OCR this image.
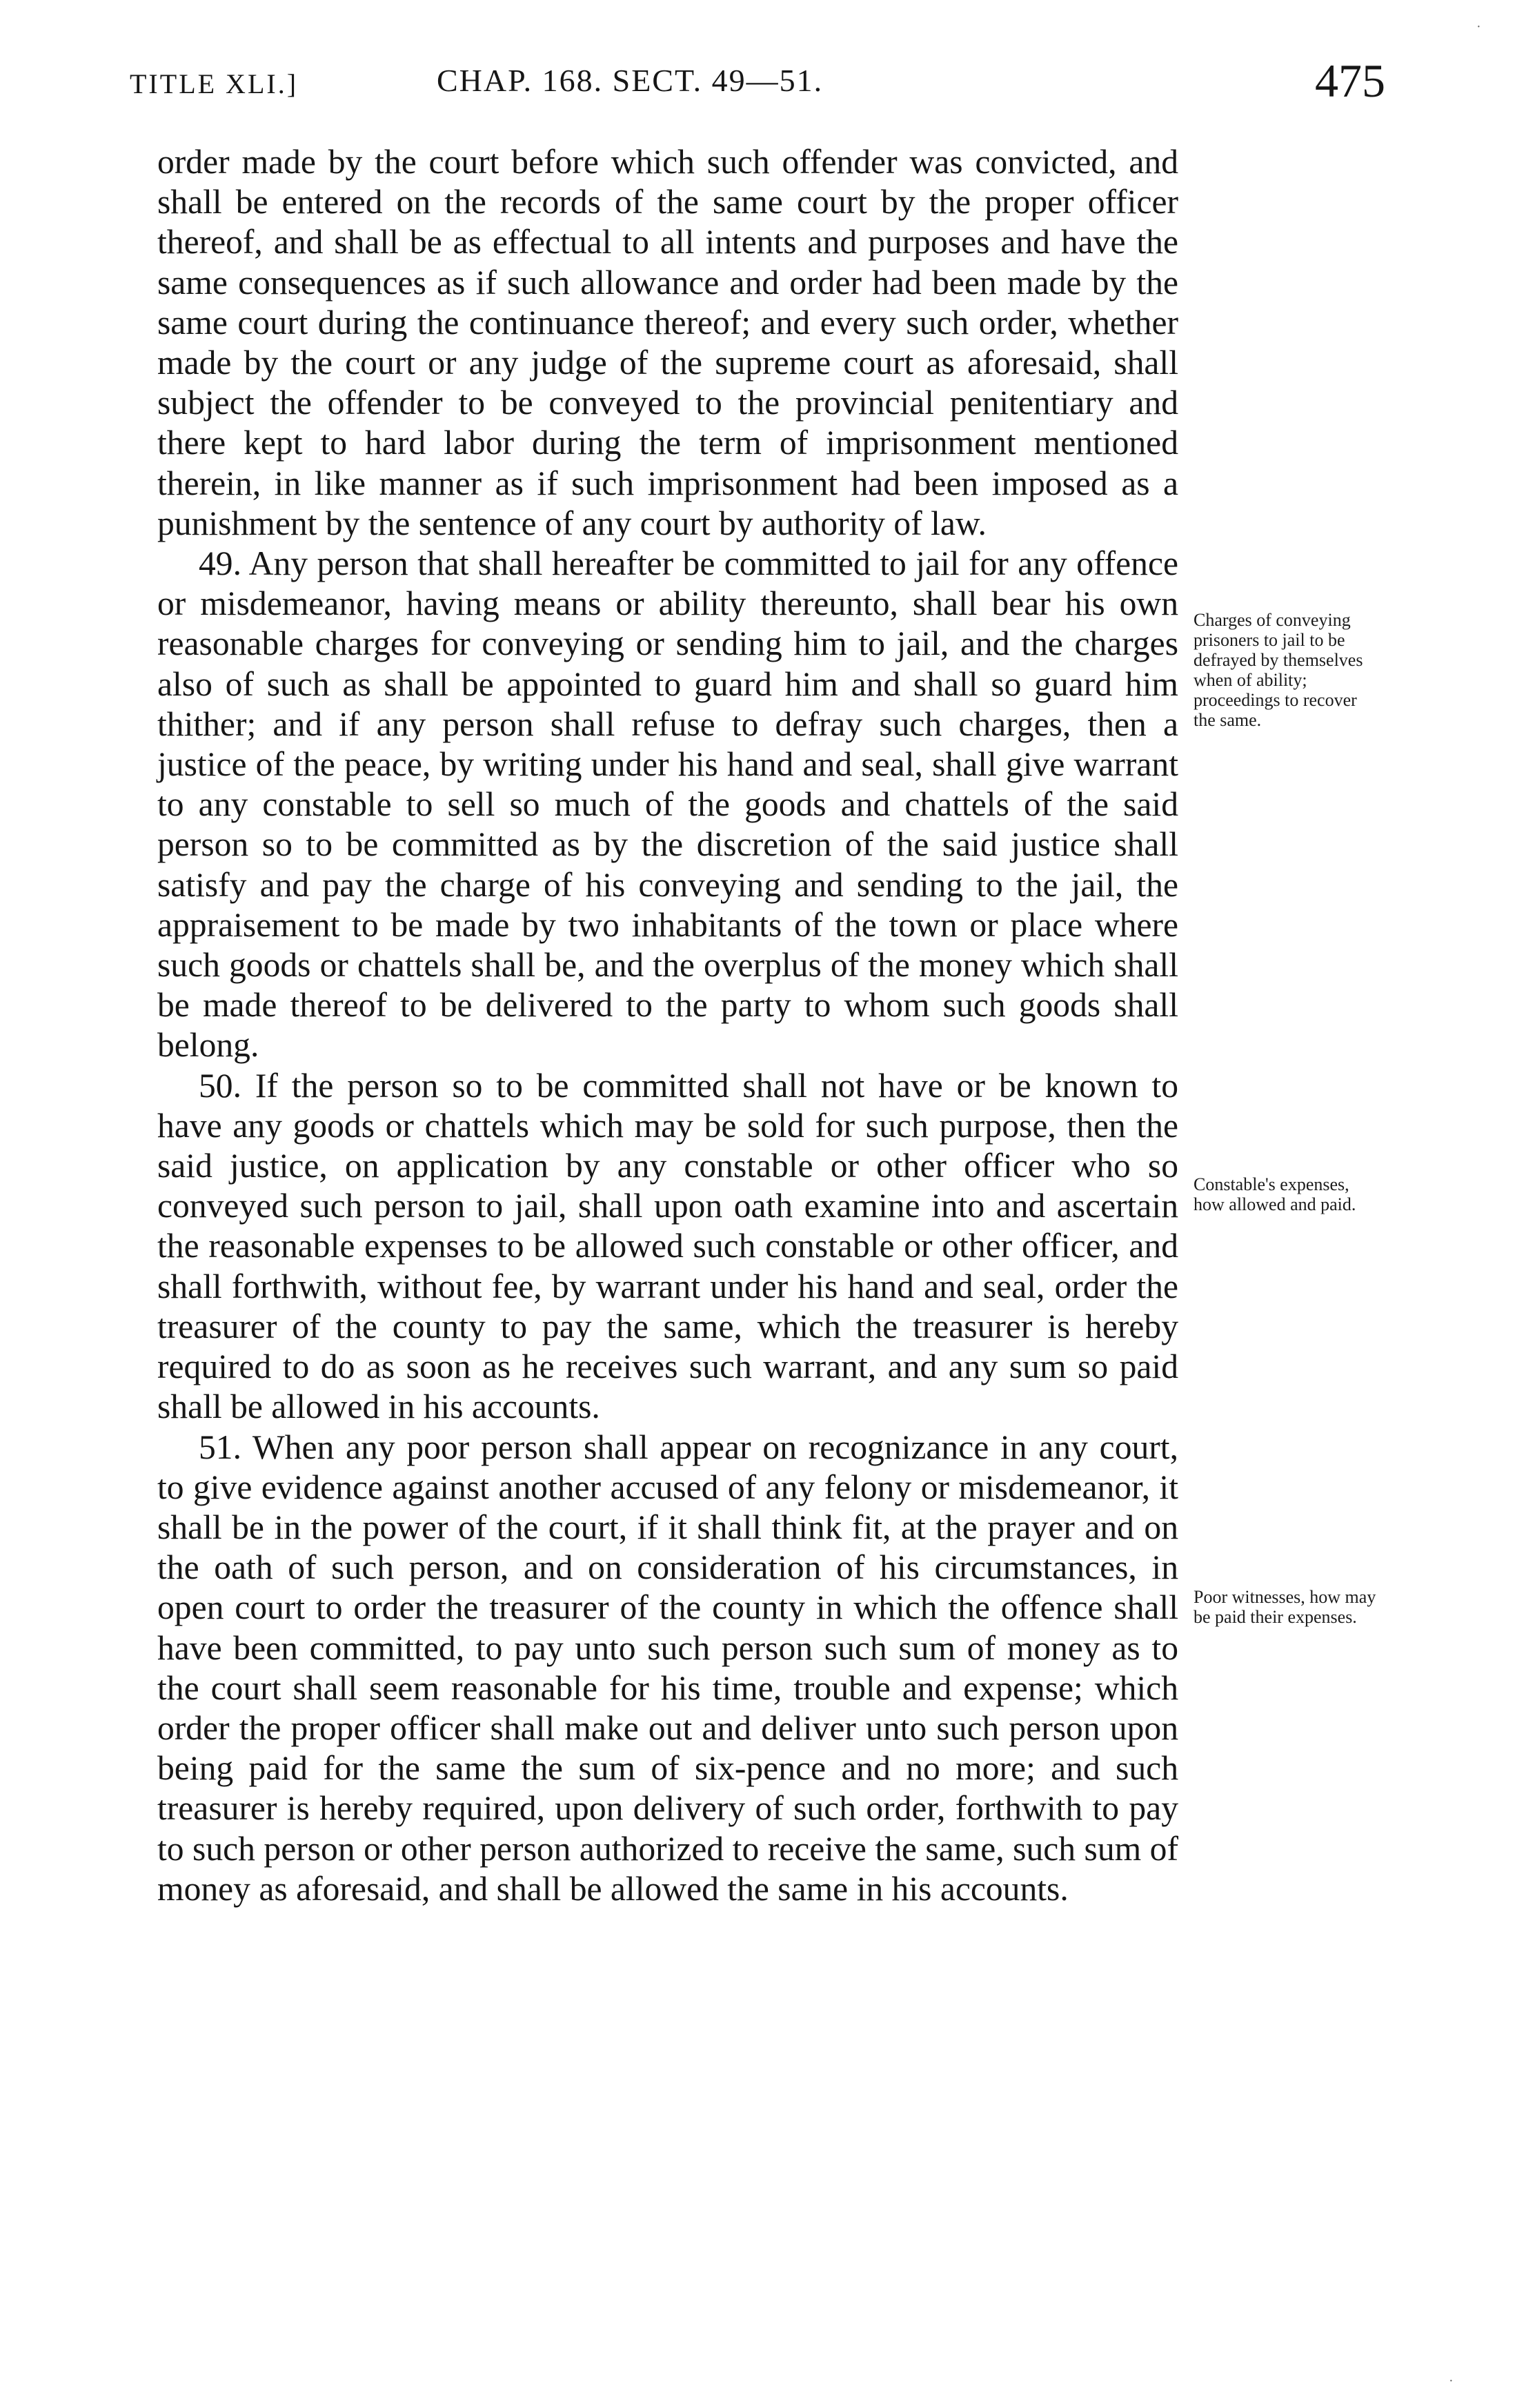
TITLE XLI.]	CHAP. 168. SECT. 49—51.	475

order made by the court before which such offender was convicted, and shall be entered on the records of the same court by the proper officer thereof, and shall be as effectual to all intents and purposes and have the same consequences as if such allowance and order had been made by the same court during the continuance thereof; and every such order, whether made by the court or any judge of the supreme court as aforesaid, shall subject the offender to be conveyed to the provincial penitentiary and there kept to hard labor during the term of imprisonment mentioned therein, in like manner as if such imprisonment had been imposed as a punishment by the sentence of any court by authority of law.

49. Any person that shall hereafter be committed to jail for any offence or misdemeanor, having means or ability thereunto, shall bear his own reasonable charges for conveying or sending him to jail, and the charges also of such as shall be appointed to guard him and shall so guard him thither; and if any person shall refuse to defray such charges, then a justice of the peace, by writing under his hand and seal, shall give warrant to any constable to sell so much of the goods and chattels of the said person so to be committed as by the discretion of the said justice shall satisfy and pay the charge of his conveying and sending to the jail, the appraisement to be made by two inhabitants of the town or place where such goods or chattels shall be, and the overplus of the money which shall be made thereof to be delivered to the party to whom such goods shall belong.

50. If the person so to be committed shall not have or be known to have any goods or chattels which may be sold for such purpose, then the said justice, on application by any constable or other officer who so conveyed such person to jail, shall upon oath examine into and ascertain the reasonable expenses to be allowed such constable or other officer, and shall forthwith, without fee, by warrant under his hand and seal, order the treasurer of the county to pay the same, which the treasurer is hereby required to do as soon as he receives such warrant, and any sum so paid shall be allowed in his accounts.

51. When any poor person shall appear on recognizance in any court, to give evidence against another accused of any felony or misdemeanor, it shall be in the power of the court, if it shall think fit, at the prayer and on the oath of such person, and on consideration of his circumstances, in open court to order the treasurer of the county in which the offence shall have been committed, to pay unto such person such sum of money as to the court shall seem reasonable for his time, trouble and expense; which order the proper officer shall make out and deliver unto such person upon being paid for the same the sum of six-pence and no more; and such treasurer is hereby required, upon delivery of such order, forthwith to pay to such person or other person authorized to receive the same, such sum of money as aforesaid, and shall be allowed the same in his accounts.

Charges of conveying prisoners to jail to be defrayed by themselves when of ability; proceedings to recover the same.
Constable's expenses, how allowed and paid.
Poor witnesses, how may be paid their expenses.
·
·
